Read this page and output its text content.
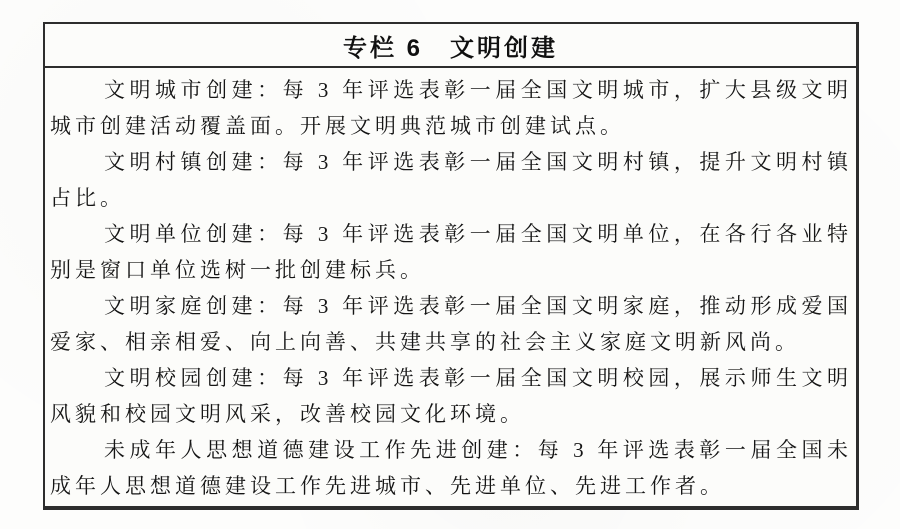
专栏 6　文明创建

文明城市创建：每 3 年评选表彰一届全国文明城市，扩大县级文明城市创建活动覆盖面。开展文明典范城市创建试点。

文明村镇创建：每 3 年评选表彰一届全国文明村镇，提升文明村镇占比。

文明单位创建：每 3 年评选表彰一届全国文明单位，在各行各业特别是窗口单位选树一批创建标兵。

文明家庭创建：每 3 年评选表彰一届全国文明家庭，推动形成爱国爱家、相亲相爱、向上向善、共建共享的社会主义家庭文明新风尚。

文明校园创建：每 3 年评选表彰一届全国文明校园，展示师生文明风貌和校园文明风采，改善校园文化环境。

未成年人思想道德建设工作先进创建：每 3 年评选表彰一届全国未成年人思想道德建设工作先进城市、先进单位、先进工作者。
